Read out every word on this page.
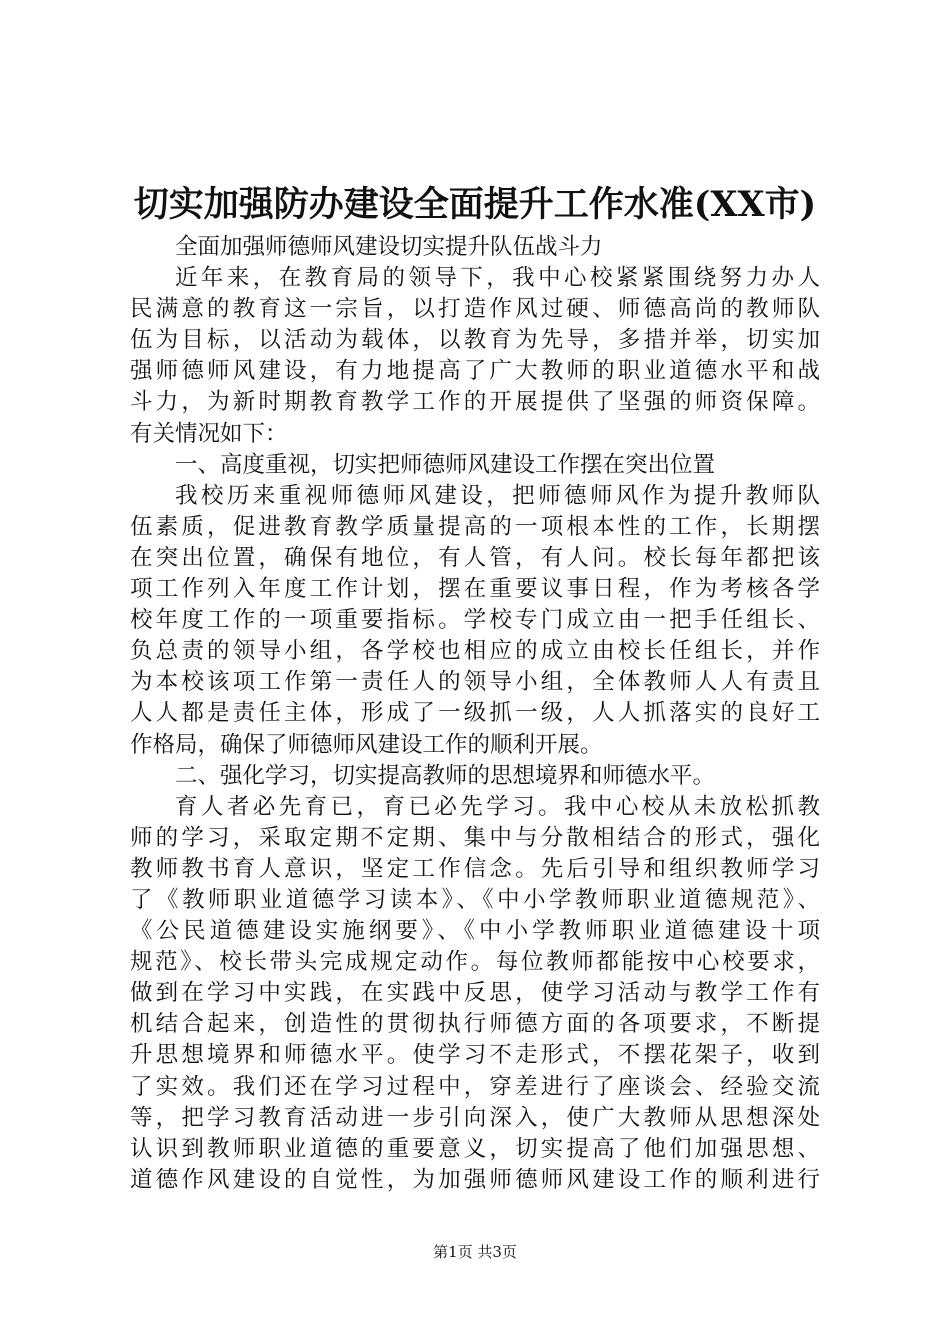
切实加强防办建设全面提升工作水准(XX市)
全面加强师德师风建设切实提升队伍战斗力
近年来，在教育局的领导下，我中心校紧紧围绕努力办人
民满意的教育这一宗旨，以打造作风过硬、师德高尚的教师队
伍为目标，以活动为载体，以教育为先导，多措并举，切实加
强师德师风建设，有力地提高了广大教师的职业道德水平和战
斗力，为新时期教育教学工作的开展提供了坚强的师资保障。
有关情况如下：
一、高度重视，切实把师德师风建设工作摆在突出位置
我校历来重视师德师风建设，把师德师风作为提升教师队
伍素质，促进教育教学质量提高的一项根本性的工作，长期摆
在突出位置，确保有地位，有人管，有人问。校长每年都把该
项工作列入年度工作计划，摆在重要议事日程，作为考核各学
校年度工作的一项重要指标。学校专门成立由一把手任组长、
负总责的领导小组，各学校也相应的成立由校长任组长，并作
为本校该项工作第一责任人的领导小组，全体教师人人有责且
人人都是责任主体，形成了一级抓一级，人人抓落实的良好工
作格局，确保了师德师风建设工作的顺利开展。
二、强化学习，切实提高教师的思想境界和师德水平。
育人者必先育已，育已必先学习。我中心校从未放松抓教
师的学习，采取定期不定期、集中与分散相结合的形式，强化
教师教书育人意识，坚定工作信念。先后引导和组织教师学习
了《教师职业道德学习读本》、《中小学教师职业道德规范》、
《公民道德建设实施纲要》、《中小学教师职业道德建设十项
规范》、校长带头完成规定动作。每位教师都能按中心校要求，
做到在学习中实践，在实践中反思，使学习活动与教学工作有
机结合起来，创造性的贯彻执行师德方面的各项要求，不断提
升思想境界和师德水平。使学习不走形式，不摆花架子，收到
了实效。我们还在学习过程中，穿差进行了座谈会、经验交流
等，把学习教育活动进一步引向深入，使广大教师从思想深处
认识到教师职业道德的重要意义，切实提高了他们加强思想、
道德作风建设的自觉性，为加强师德师风建设工作的顺利进行
第1页 共3页
